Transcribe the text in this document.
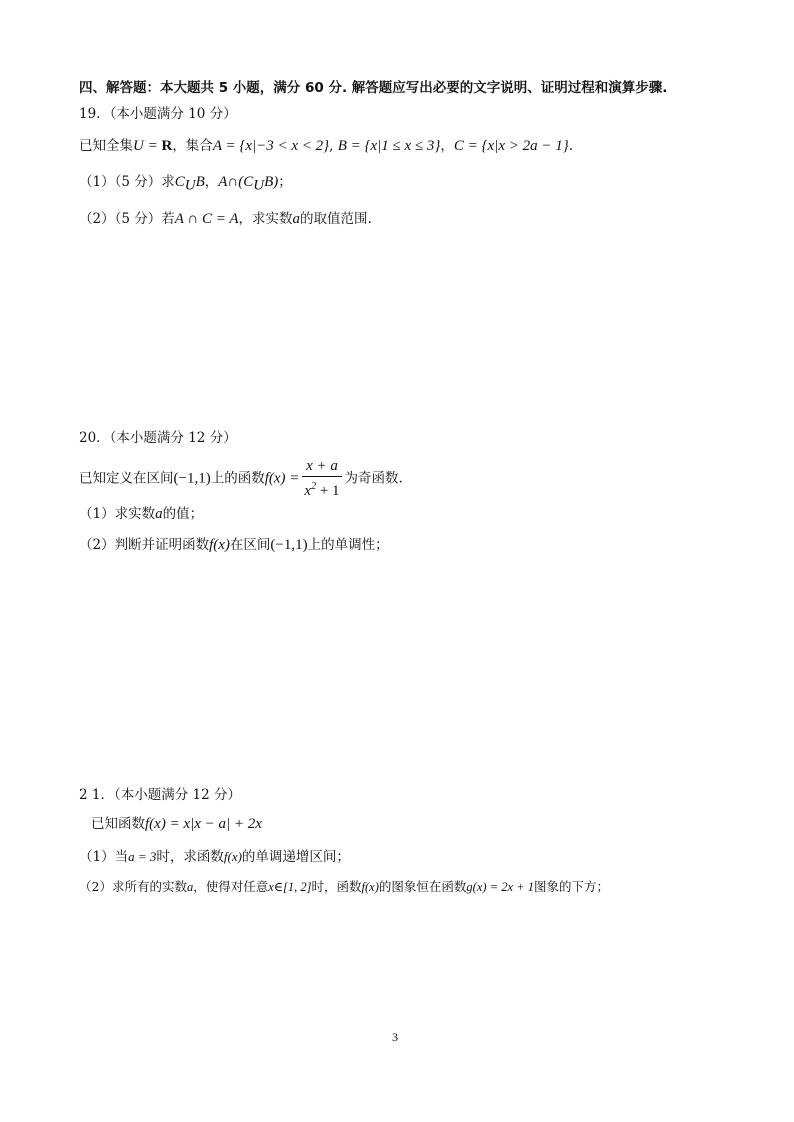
四、解答题：本大题共 5 小题，满分 60 分. 解答题应写出必要的文字说明、证明过程和演算步骤.
19．（本小题满分 10 分）
已知全集U = R，集合A = {x|−3 < x < 2}, B = {x|1 ≤ x ≤ 3}，C = {x|x > 2a − 1}.
（1）（5 分）求$C_UB$，$A\cap(C_UB)$；
（2）（5 分）若A ∩ C = A，求实数a的取值范围.
20．（本小题满分 12 分）
已知定义在区间(−1,1)上的函数$f(x) = \frac{x + a}{x^2 + 1}$ 为奇函数.
（1）求实数a的值；
（2）判断并证明函数f(x)在区间(−1,1)上的单调性；
2 1．（本小题满分 12 分）
已知函数f(x) = x|x − a| + 2x
（1）当a = 3时，求函数f(x)的单调递增区间；
（2）求所有的实数a，使得对任意x∈[1, 2]时，函数f(x)的图象恒在函数g(x) = 2x + 1图象的下方；
3
